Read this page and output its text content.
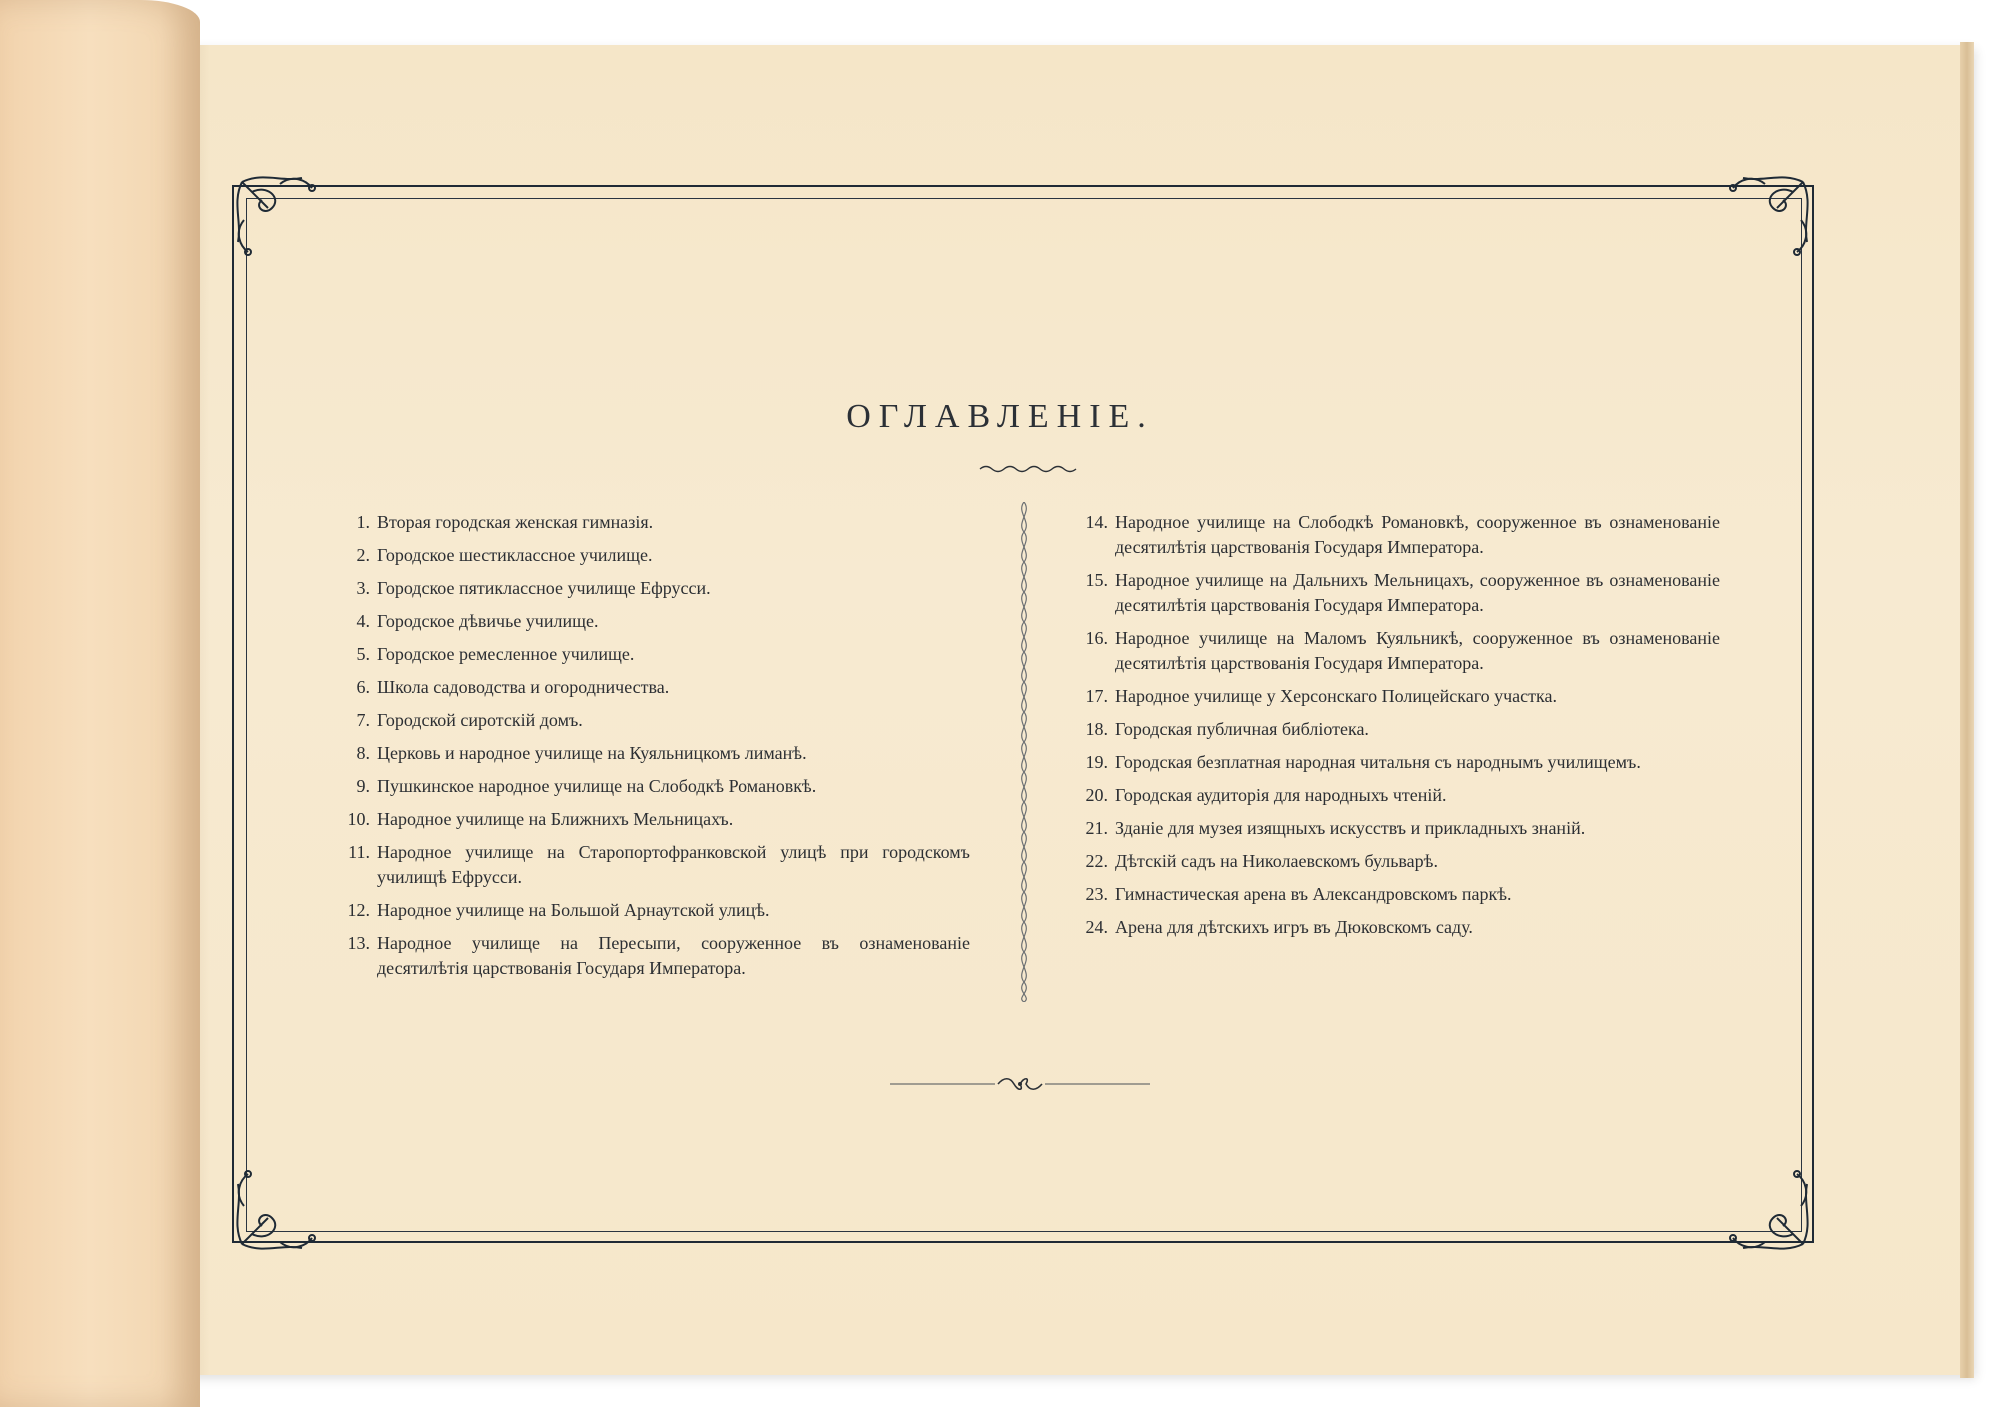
ОГЛАВЛЕНІЕ.
1. Вторая городская женская гимназія.
2. Городское шестиклассное училище.
3. Городское пятиклассное училище Ефрусси.
4. Городское дѣвичье училище.
5. Городское ремесленное училище.
6. Школа садоводства и огородничества.
7. Городской сиротскій домъ.
8. Церковь и народное училище на Куяльницкомъ лиманѣ.
9. Пушкинское народное училище на Слободкѣ Романовкѣ.
10. Народное училище на Ближнихъ Мельницахъ.
11. Народное училище на Старопортофранковской улицѣ при городскомъ училищѣ Ефрусси.
12. Народное училище на Большой Арнаутской улицѣ.
13. Народное училище на Пересыпи, сооруженное въ ознаменованіе десятилѣтія царствованія Государя Императора.
14. Народное училище на Слободкѣ Романовкѣ, сооруженное въ ознаменованіе десятилѣтія царствованія Государя Императора.
15. Народное училище на Дальнихъ Мельницахъ, сооруженное въ ознаменованіе десятилѣтія царствованія Государя Императора.
16. Народное училище на Маломъ Куяльникѣ, сооруженное въ ознаменованіе десятилѣтія царствованія Государя Императора.
17. Народное училище у Херсонскаго Полицейскаго участка.
18. Городская публичная библіотека.
19. Городская безплатная народная читальня съ народнымъ училищемъ.
20. Городская аудиторія для народныхъ чтеній.
21. Зданіе для музея изящныхъ искусствъ и прикладныхъ знаній.
22. Дѣтскій садъ на Николаевскомъ бульварѣ.
23. Гимнастическая арена въ Александровскомъ паркѣ.
24. Арена для дѣтскихъ игръ въ Дюковскомъ саду.
